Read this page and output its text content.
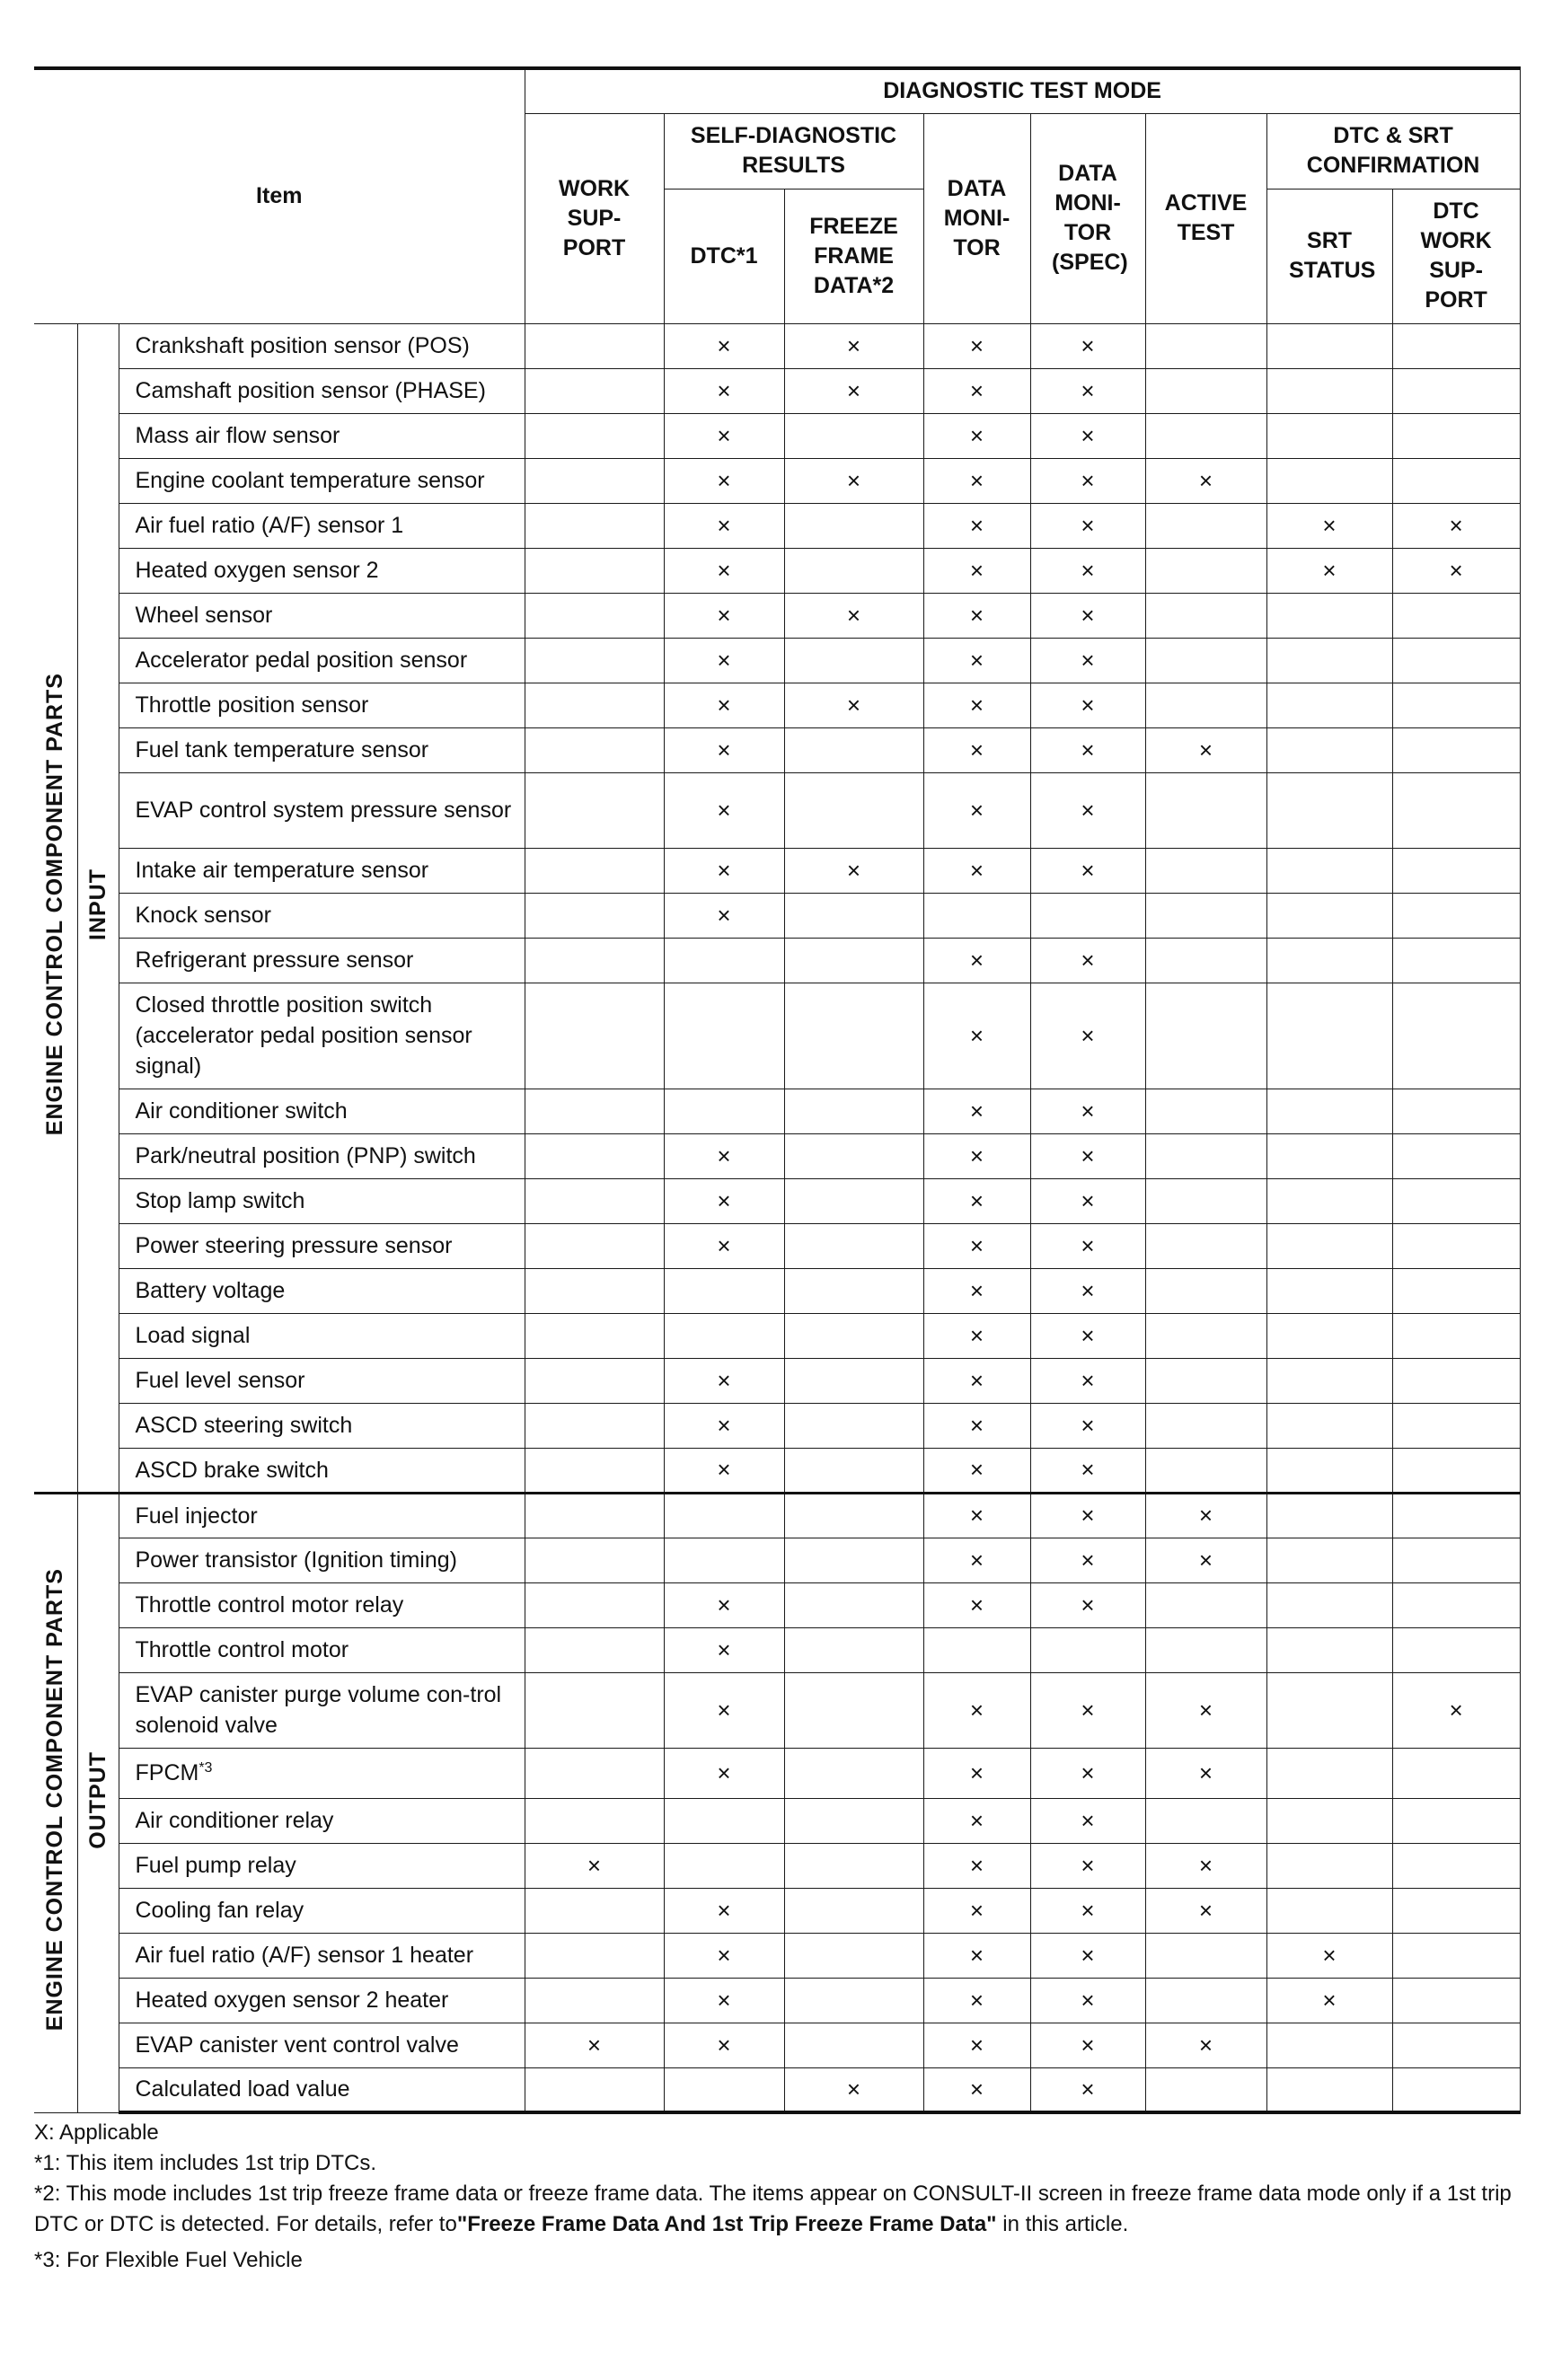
Item			DIAGNOSTIC TEST MODE							
			WORK SUP-PORT	SELF-DIAGNOSTIC RESULTS		DATA MONI-TOR	DATA MONI-TOR (SPEC)	ACTIVE TEST	DTC & SRT CONFIRMATION	
				DTC*1	FREEZE FRAME DATA*2				SRT STATUS	DTC WORK SUP-PORT
ENGINE CONTROL COMPONENT PARTS	INPUT	Crankshaft position sensor (POS)		×	×	×	×			
		Camshaft position sensor (PHASE)		×	×	×	×			
		Mass air flow sensor		×		×	×			
		Engine coolant temperature sensor		×	×	×	×	×		
		Air fuel ratio (A/F) sensor 1		×		×	×		×	×
		Heated oxygen sensor 2		×		×	×		×	×
		Wheel sensor		×	×	×	×			
		Accelerator pedal position sensor		×		×	×			
		Throttle position sensor		×	×	×	×			
		Fuel tank temperature sensor		×		×	×	×		
		EVAP control system pressure sensor		×		×	×			
		Intake air temperature sensor		×	×	×	×			
		Knock sensor		×						
		Refrigerant pressure sensor				×	×			
		Closed throttle position switch (accelerator pedal position sensor signal)				×	×			
		Air conditioner switch				×	×			
		Park/neutral position (PNP) switch		×		×	×			
		Stop lamp switch		×		×	×			
		Power steering pressure sensor		×		×	×			
		Battery voltage				×	×			
		Load signal				×	×			
		Fuel level sensor		×		×	×			
		ASCD steering switch		×		×	×			
		ASCD brake switch		×		×	×			
ENGINE CONTROL COMPONENT PARTS	OUTPUT	Fuel injector				×	×	×		
		Power transistor (Ignition timing)				×	×	×		
		Throttle control motor relay		×		×	×			
		Throttle control motor		×						
		EVAP canister purge volume con-trol solenoid valve		×		×	×	×		×
		FPCM$^{*3}$		×		×	×	×		
		Air conditioner relay				×	×			
		Fuel pump relay	×			×	×	×		
		Cooling fan relay		×		×	×	×		
		Air fuel ratio (A/F) sensor 1 heater		×		×	×		×	
		Heated oxygen sensor 2 heater		×		×	×		×	
		EVAP canister vent control valve	×	×		×	×	×		
		Calculated load value			×	×	×			

X: Applicable

*1: This item includes 1st trip DTCs.

*2: This mode includes 1st trip freeze frame data or freeze frame data. The items appear on CONSULT-II screen in freeze frame data mode only if a 1st trip DTC or DTC is detected. For details, refer to"Freeze Frame Data And 1st Trip Freeze Frame Data" in this article.

*3: For Flexible Fuel Vehicle
